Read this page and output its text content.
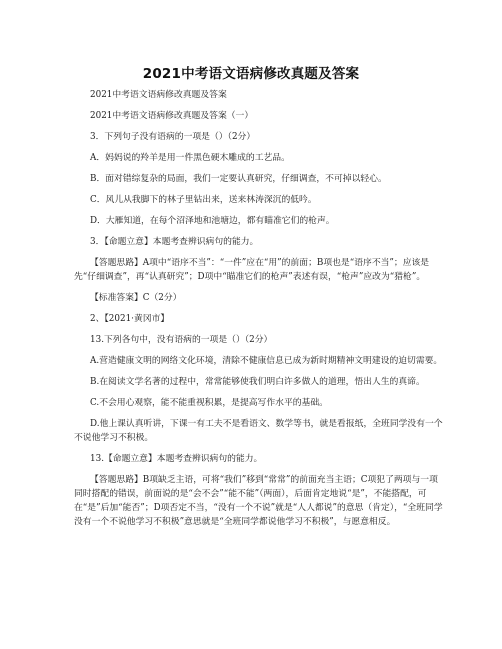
2021中考语文语病修改真题及答案

2021中考语文语病修改真题及答案

2021中考语文语病修改真题及答案（一）

3．下列句子没有语病的一项是（）（2分）

A．妈妈说的羚羊是用一件黑色硬木雕成的工艺品。

B．面对错综复杂的局面，我们一定要认真研究，仔细调查，不可掉以轻心。

C．风儿从我脚下的林子里钻出来，送来林涛深沉的低吟。

D．大雁知道，在每个沼泽地和池塘边，都有瞄准它们的枪声。

3．【命题立意】本题考查辨识病句的能力。

【答题思路】A项中“语序不当”：“一件”应在“用”的前面；B项也是“语序不当”；应该是先“仔细调查”，再“认真研究”；D项中“瞄准它们的枪声”表述有误，“枪声”应改为“猎枪”。

【标准答案】C（2分）

2、【2021·黄冈市】

13.下列各句中，没有语病的一项是（）（2分）

A.营造健康文明的网络文化环境，清除不健康信息已成为新时期精神文明建设的迫切需要。

B.在阅读文学名著的过程中，常常能够使我们明白许多做人的道理，悟出人生的真谛。

C.不会用心观察，能不能重视积累，是提高写作水平的基础。

D.他上课认真听讲，下课一有工夫不是看语文、数学等书，就是看报纸，全班同学没有一个不说他学习不积极。

13.【命题立意】本题考查辨识病句的能力。

【答题思路】B项缺乏主语，可将“我们”移到“常常”的前面充当主语；C项犯了两项与一项同时搭配的错误，前面说的是“会不会”“能不能”（两面），后面肯定地说“是”，不能搭配，可在“是”后加“能否”；D项否定不当，“没有一个不说”就是“人人都说”的意思（肯定），“全班同学没有一个不说他学习不积极”意思就是“全班同学都说他学习不积极”，与愿意相反。
